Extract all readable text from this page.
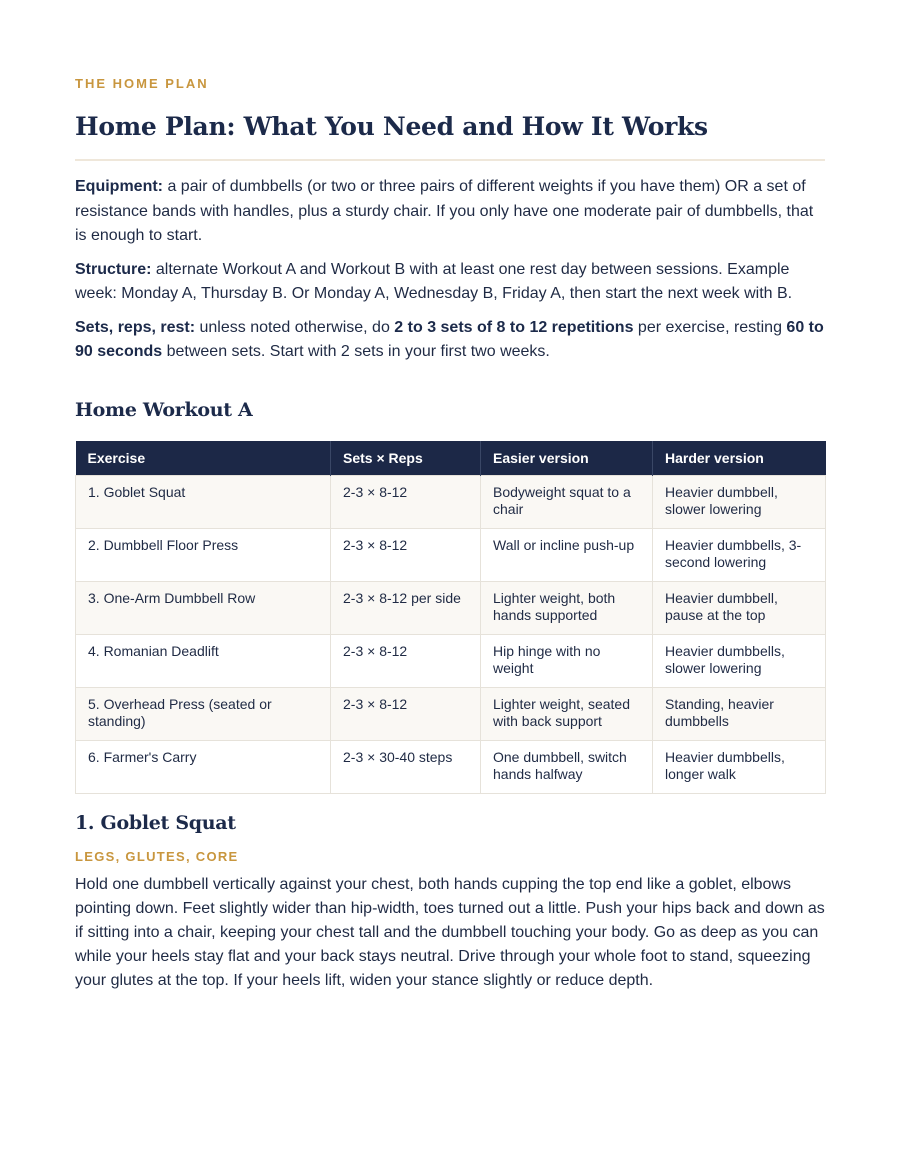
THE HOME PLAN
Home Plan: What You Need and How It Works

Equipment: a pair of dumbbells (or two or three pairs of different weights if you have them) OR a set of resistance bands with handles, plus a sturdy chair. If you only have one moderate pair of dumbbells, that is enough to start.

Structure: alternate Workout A and Workout B with at least one rest day between sessions. Example week: Monday A, Thursday B. Or Monday A, Wednesday B, Friday A, then start the next week with B.

Sets, reps, rest: unless noted otherwise, do 2 to 3 sets of 8 to 12 repetitions per exercise, resting 60 to 90 seconds between sets. Start with 2 sets in your first two weeks.

Home Workout A
Exercise	Sets × Reps	Easier version	Harder version
1. Goblet Squat	2-3 × 8-12	Bodyweight squat to a chair	Heavier dumbbell, slower lowering
2. Dumbbell Floor Press	2-3 × 8-12	Wall or incline push-up	Heavier dumbbells, 3-second lowering
3. One-Arm Dumbbell Row	2-3 × 8-12 per side	Lighter weight, both hands supported	Heavier dumbbell, pause at the top
4. Romanian Deadlift	2-3 × 8-12	Hip hinge with no weight	Heavier dumbbells, slower lowering
5. Overhead Press (seated or standing)	2-3 × 8-12	Lighter weight, seated with back support	Standing, heavier dumbbells
6. Farmer's Carry	2-3 × 30-40 steps	One dumbbell, switch hands halfway	Heavier dumbbells, longer walk
1. Goblet Squat
LEGS, GLUTES, CORE

Hold one dumbbell vertically against your chest, both hands cupping the top end like a goblet, elbows pointing down. Feet slightly wider than hip-width, toes turned out a little. Push your hips back and down as if sitting into a chair, keeping your chest tall and the dumbbell touching your body. Go as deep as you can while your heels stay flat and your back stays neutral. Drive through your whole foot to stand, squeezing your glutes at the top. If your heels lift, widen your stance slightly or reduce depth.
